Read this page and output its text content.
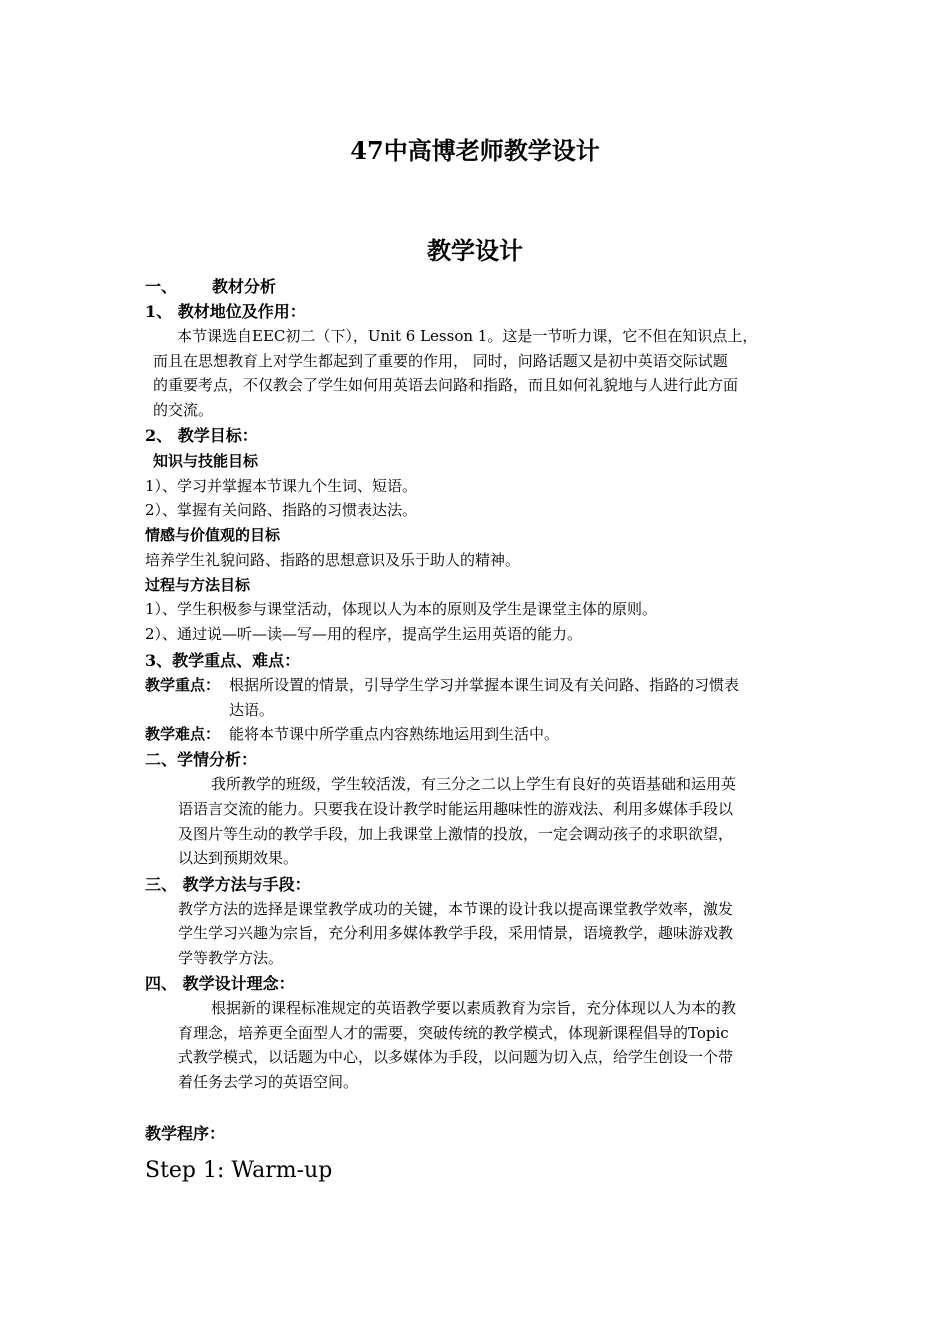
47中高博老师教学设计
教学设计
一、 教材分析
1、 教材地位及作用：
本节课选自EEC初二（下），Unit 6 Lesson 1。这是一节听力课，它不但在知识点上，
而且在思想教育上对学生都起到了重要的作用， 同时，问路话题又是初中英语交际试题
的重要考点，不仅教会了学生如何用英语去问路和指路，而且如何礼貌地与人进行此方面
的交流。
2、 教学目标：
知识与技能目标
1）、学习并掌握本节课九个生词、短语。
2）、掌握有关问路、指路的习惯表达法。
情感与价值观的目标
培养学生礼貌问路、指路的思想意识及乐于助人的精神。
过程与方法目标
1）、学生积极参与课堂活动，体现以人为本的原则及学生是课堂主体的原则。
2）、通过说—听—读—写—用的程序，提高学生运用英语的能力。
3、教学重点、难点：
教学重点： 根据所设置的情景，引导学生学习并掌握本课生词及有关问路、指路的习惯表
达语。
教学难点： 能将本节课中所学重点内容熟练地运用到生活中。
二、学情分析：
我所教学的班级，学生较活泼，有三分之二以上学生有良好的英语基础和运用英
语语言交流的能力。只要我在设计教学时能运用趣味性的游戏法、利用多媒体手段以
及图片等生动的教学手段，加上我课堂上激情的投放，一定会调动孩子的求职欲望，
以达到预期效果。
三、 教学方法与手段：
教学方法的选择是课堂教学成功的关键，本节课的设计我以提高课堂教学效率，激发
学生学习兴趣为宗旨，充分利用多媒体教学手段，采用情景，语境教学，趣味游戏教
学等教学方法。
四、 教学设计理念：
根据新的课程标准规定的英语教学要以素质教育为宗旨，充分体现以人为本的教
育理念，培养更全面型人才的需要，突破传统的教学模式，体现新课程倡导的Topic
式教学模式，以话题为中心，以多媒体为手段，以问题为切入点，给学生创设一个带
着任务去学习的英语空间。
教学程序：
Step 1: Warm-up
